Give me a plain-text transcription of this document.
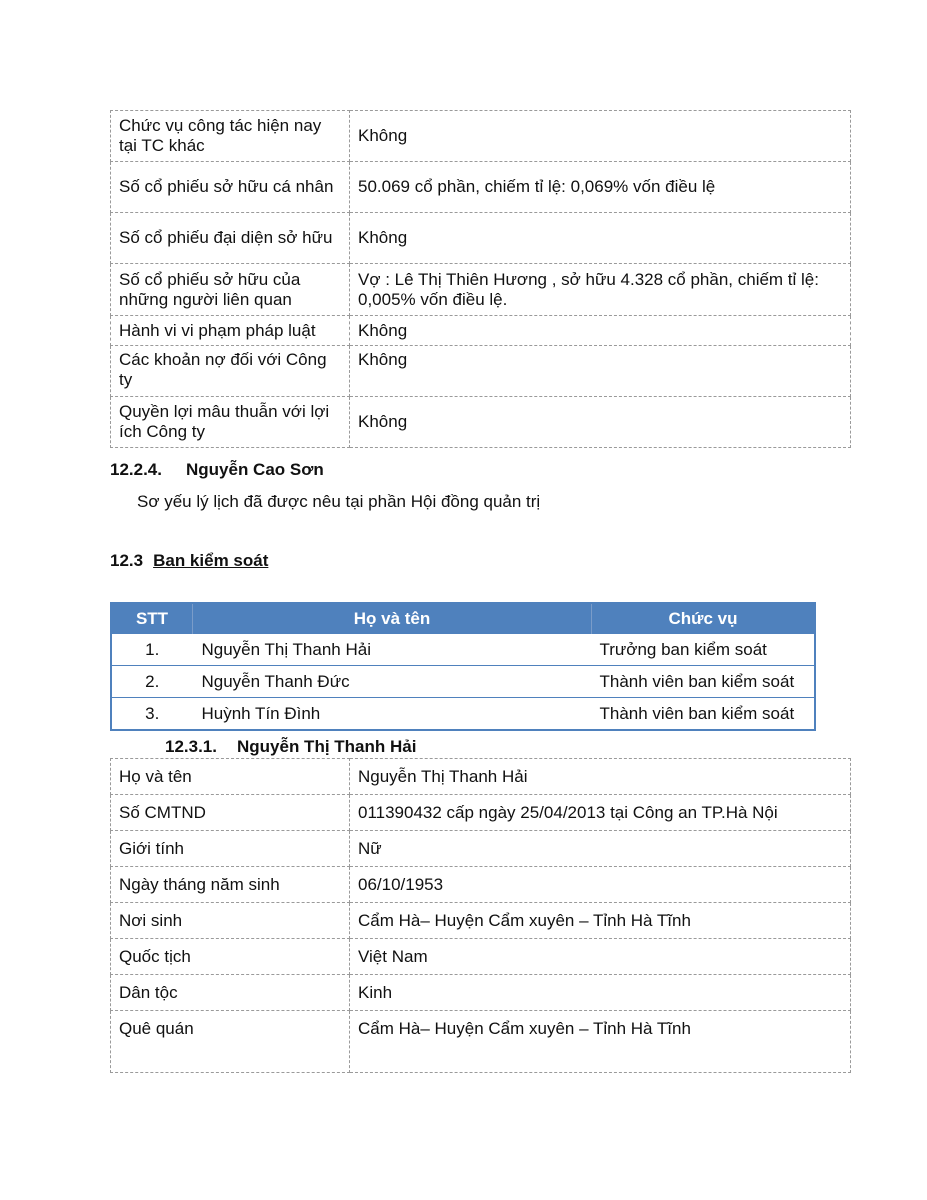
Chức vụ công tác hiện nay tại TC khác	Không
Số cổ phiếu sở hữu cá nhân	50.069 cổ phần, chiếm tỉ lệ: 0,069% vốn điều lệ
Số cổ phiếu đại diện sở hữu	Không
Số cổ phiếu sở hữu của những người liên quan	Vợ : Lê Thị Thiên Hương , sở hữu 4.328 cổ phần, chiếm tỉ lệ: 0,005% vốn điều lệ.
Hành vi vi phạm pháp luật	Không
Các khoản nợ đối với Công ty	Không
Quyền lợi mâu thuẫn với lợi ích Công ty	Không
12.2.4. Nguyễn Cao Sơn
Sơ yếu lý lịch đã được nêu tại phần Hội đồng quản trị
12.3 Ban kiểm soát
STT	Họ và tên	Chức vụ
1.	Nguyễn Thị Thanh Hải	Trưởng ban kiểm soát
2.	Nguyễn Thanh Đức	Thành viên ban kiểm soát
3.	Huỳnh Tín Đình	Thành viên ban kiểm soát
12.3.1. Nguyễn Thị Thanh Hải
Họ và tên	Nguyễn Thị Thanh Hải
Số CMTND	011390432 cấp ngày 25/04/2013 tại Công an TP.Hà Nội
Giới tính	Nữ
Ngày tháng năm sinh	06/10/1953
Nơi sinh	Cẩm Hà– Huyện Cẩm xuyên – Tỉnh Hà Tĩnh
Quốc tịch	Việt Nam
Dân tộc	Kinh
Quê quán	Cẩm Hà– Huyện Cẩm xuyên – Tỉnh Hà Tĩnh
